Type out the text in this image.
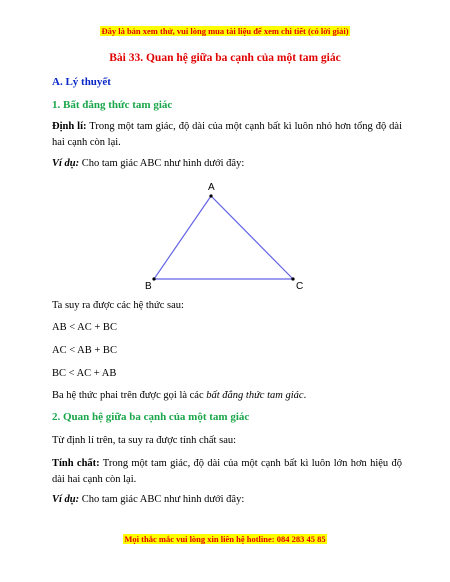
Đây là bản xem thử, vui lòng mua tài liệu để xem chi tiết (có lời giải)
Bài 33. Quan hệ giữa ba cạnh của một tam giác
A. Lý thuyết
1. Bất đẳng thức tam giác
Định lí: Trong một tam giác, độ dài của một cạnh bất kì luôn nhỏ hơn tổng độ dài hai cạnh còn lại.
Ví dụ: Cho tam giác ABC như hình dưới đây:
A
B	C
Ta suy ra được các hệ thức sau:
AB < AC + BC
AC < AB + BC
BC < AC + AB
Ba hệ thức phai trên được gọi là các bất đẳng thức tam giác.
2. Quan hệ giữa ba cạnh của một tam giác
Từ định lí trên, ta suy ra được tính chất sau:
Tính chất: Trong một tam giác, độ dài của một cạnh bất kì luôn lớn hơn hiệu độ dài hai cạnh còn lại.
Ví dụ: Cho tam giác ABC như hình dưới đây:
Mọi thắc mắc vui lòng xin liên hệ hotline: 084 283 45 85
